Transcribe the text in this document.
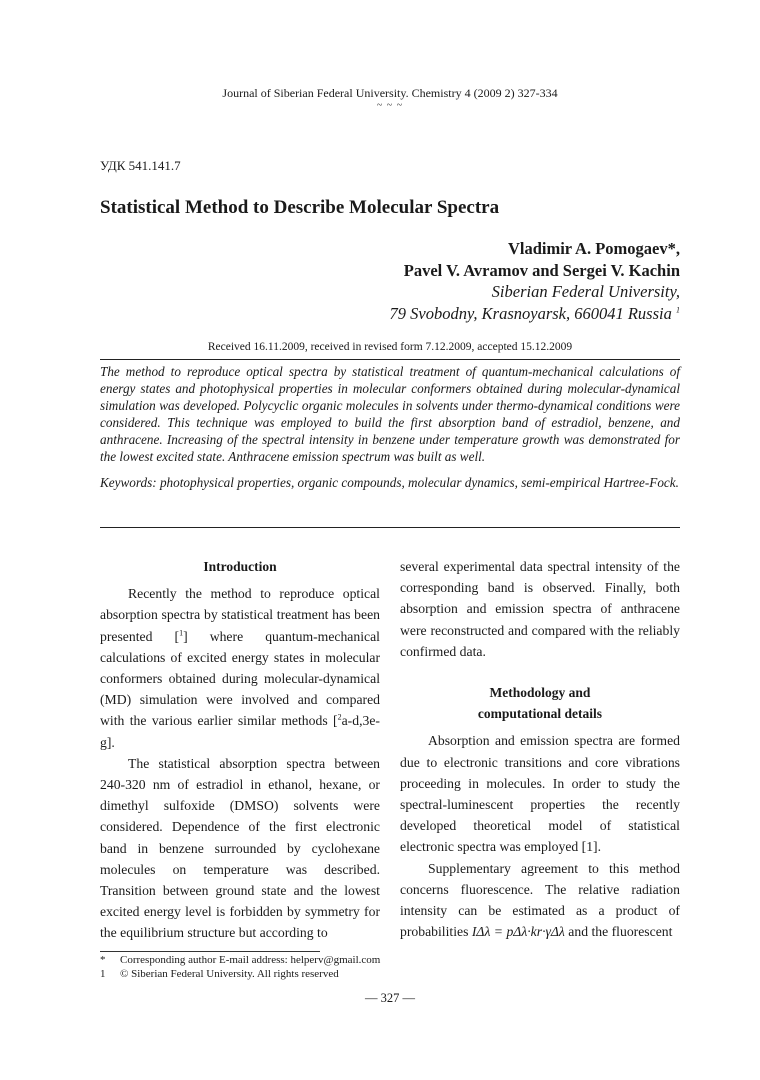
Journal of Siberian Federal University. Chemistry 4 (2009 2) 327-334
~ ~ ~
УДК 541.141.7
Statistical Method to Describe Molecular Spectra
Vladimir A. Pomogaev*,
Pavel V. Avramov and Sergei V. Kachin
Siberian Federal University,
79 Svobodny, Krasnoyarsk, 660041 Russia $^1$
Received 16.11.2009, received in revised form 7.12.2009, accepted 15.12.2009

The method to reproduce optical spectra by statistical treatment of quantum-mechanical calculations of energy states and photophysical properties in molecular conformers obtained during molecular-dynamical simulation was developed. Polycyclic organic molecules in solvents under thermo-dynamical conditions were considered. This technique was employed to build the first absorption band of estradiol, benzene, and anthracene. Increasing of the spectral intensity in benzene under temperature growth was demonstrated for the lowest excited state. Anthracene emission spectrum was built as well.

Keywords: photophysical properties, organic compounds, molecular dynamics, semi-empirical Hartree-Fock.

Introduction

Recently the method to reproduce optical absorption spectra by statistical treatment has been presented [$^1$] where quantum-mechanical calculations of excited energy states in molecular conformers obtained during molecular-dynamical (MD) simulation were involved and compared with the various earlier similar methods [$^2$a-d,3e-g].

The statistical absorption spectra between 240-320 nm of estradiol in ethanol, hexane, or dimethyl sulfoxide (DMSO) solvents were considered. Dependence of the first electronic band in benzene surrounded by cyclohexane molecules on temperature was described. Transition between ground state and the lowest excited energy level is forbidden by symmetry for the equilibrium structure but according to

several experimental data spectral intensity of the corresponding band is observed. Finally, both absorption and emission spectra of anthracene were reconstructed and compared with the reliably confirmed data.

Methodology and
computational details

Absorption and emission spectra are formed due to electronic transitions and core vibrations proceeding in molecules. In order to study the spectral-luminescent properties the recently developed theoretical model of statistical electronic spectra was employed [1].

Supplementary agreement to this method concerns fluorescence. The relative radiation intensity can be estimated as a product of probabilities IΔλ = pΔλ·kr·γΔλ and the fluorescent

*	Corresponding author E-mail address: helperv@gmail.com
1	© Siberian Federal University. All rights reserved
— 327 —
